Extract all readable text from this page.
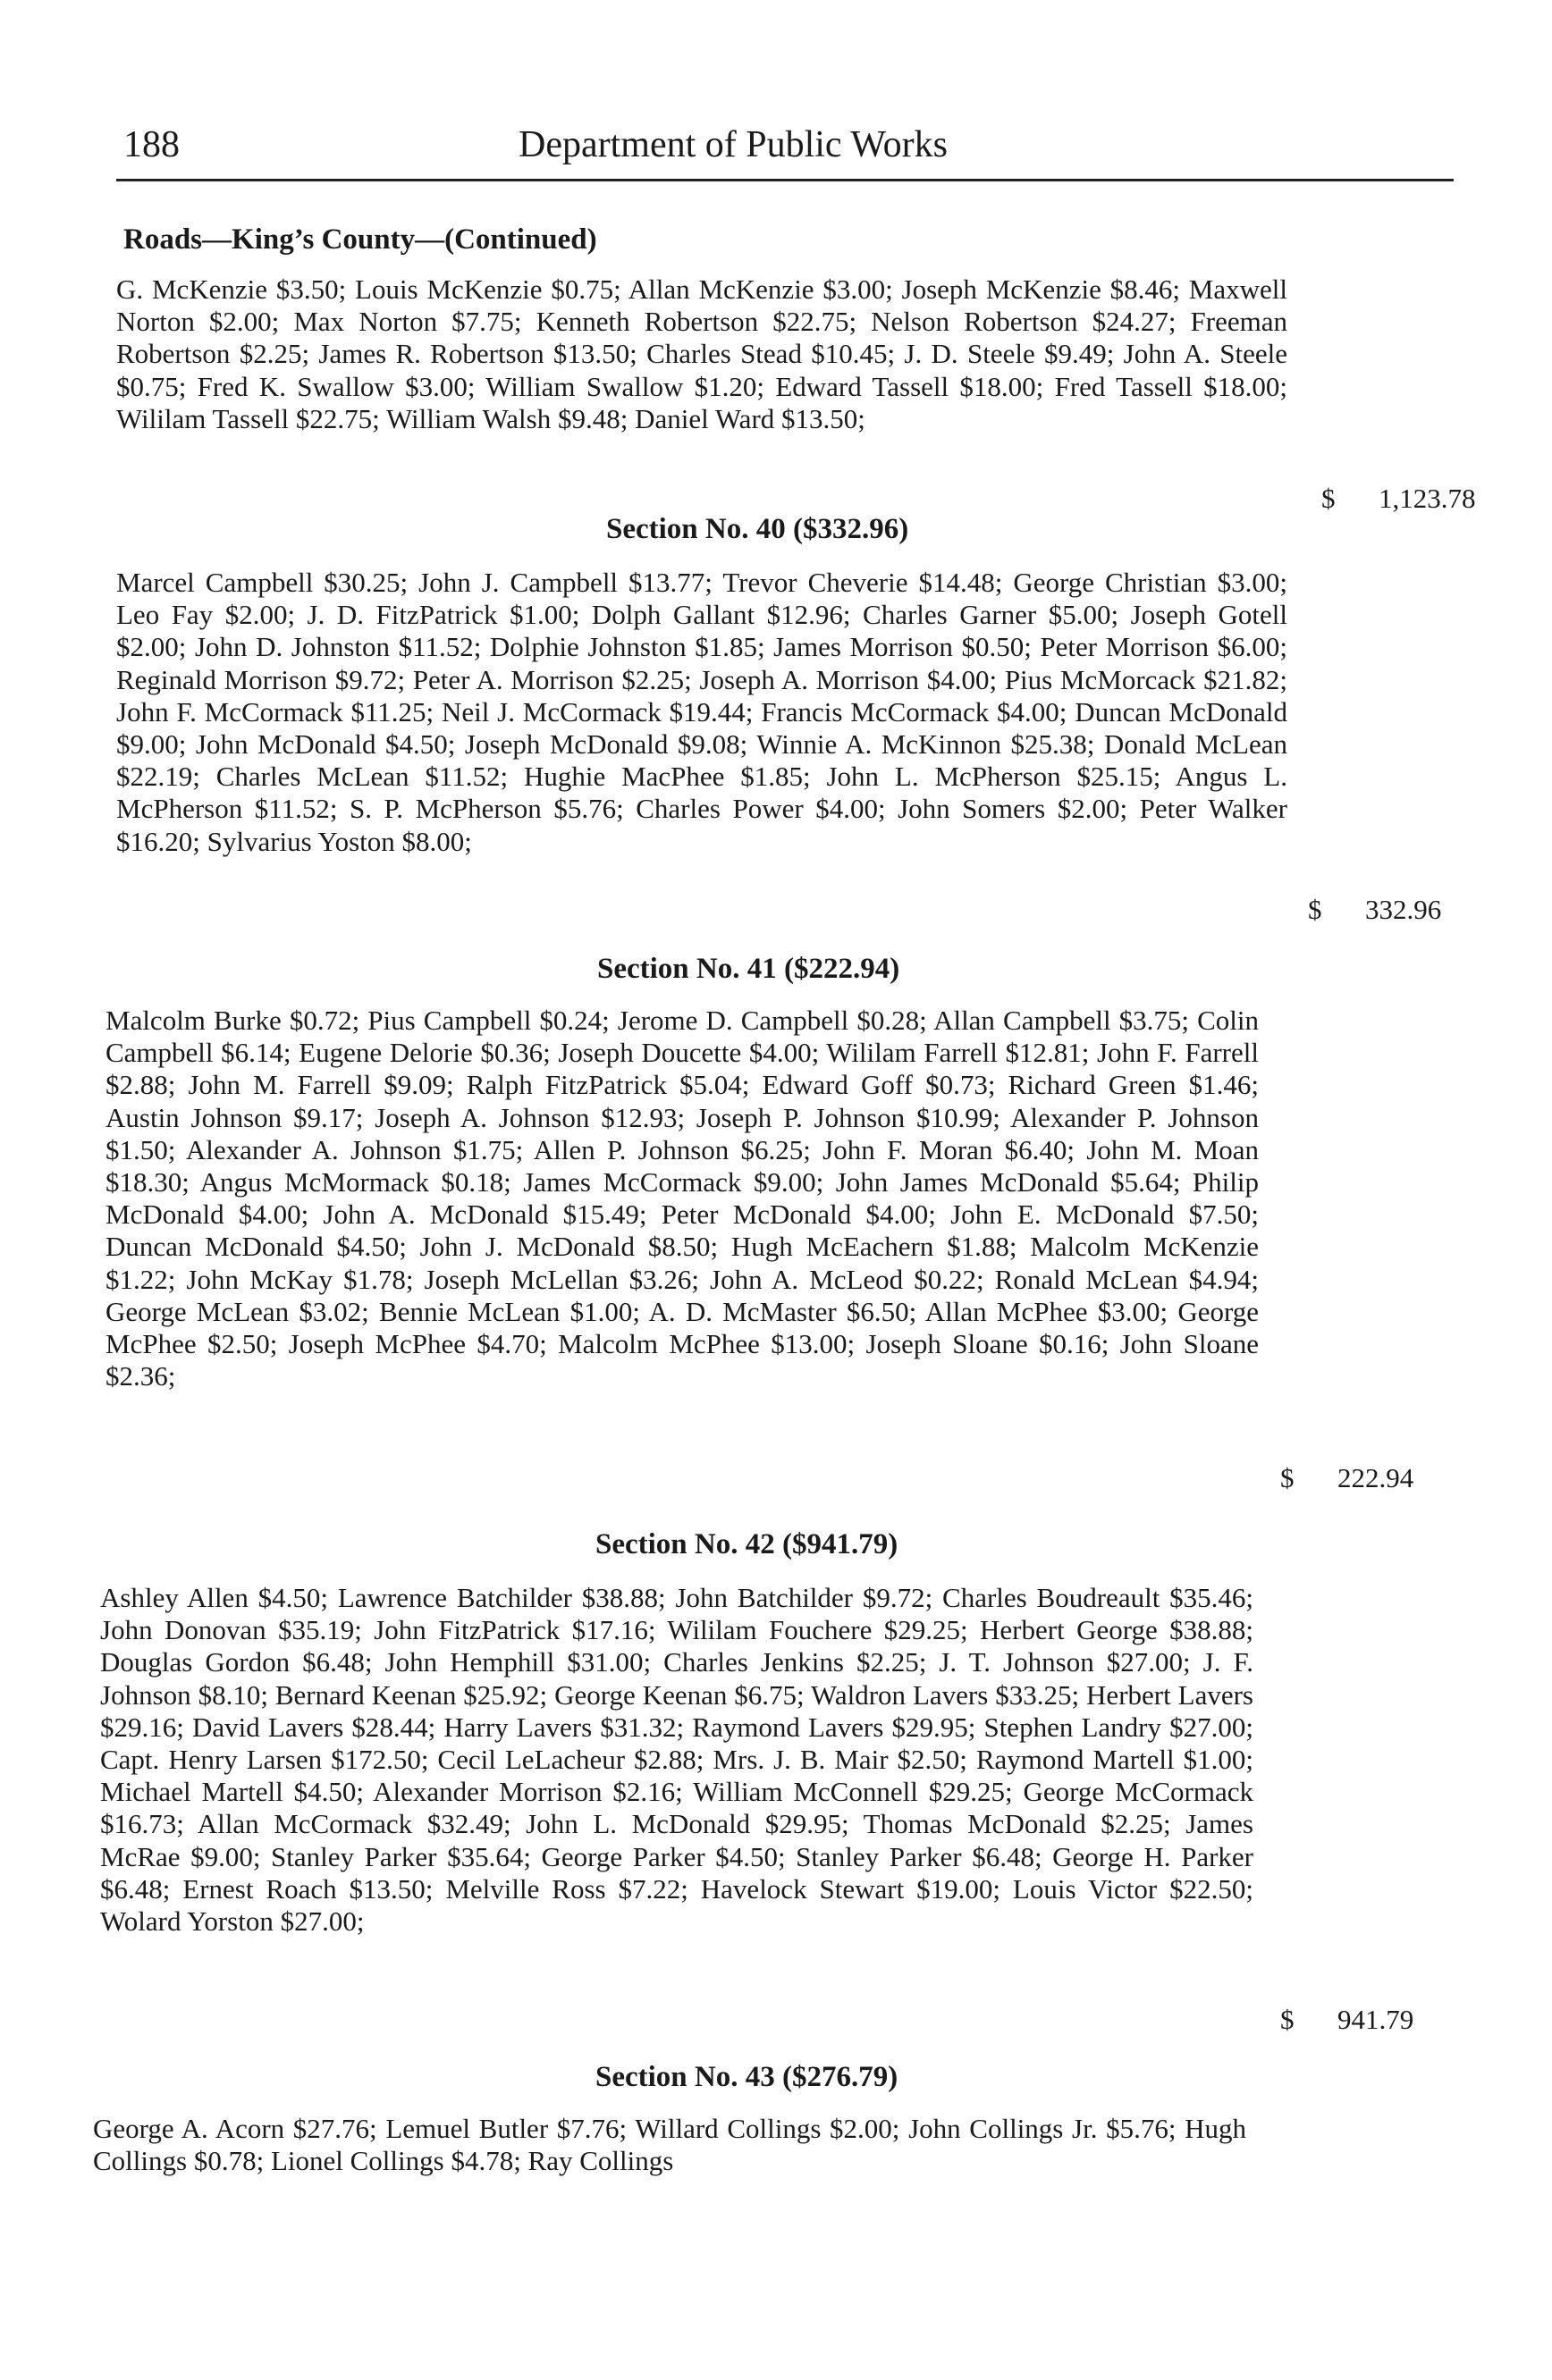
188	Department of Public Works
Roads—King’s County—(Continued)
G. McKenzie $3.50; Louis McKenzie $0.75; Allan McKenzie $3.00; Joseph McKenzie $8.46; Maxwell Norton $2.00; Max Norton $7.75; Kenneth Robertson $22.75; Nelson Robertson $24.27; Freeman Robertson $2.25; James R. Robertson $13.50; Charles Stead $10.45; J. D. Steele $9.49; John A. Steele $0.75; Fred K. Swallow $3.00; William Swallow $1.20; Edward Tassell $18.00; Fred Tassell $18.00; Wililam Tassell $22.75; William Walsh $9.48; Daniel Ward $13.50;
$ 1,123.78
Section No. 40 ($332.96)
Marcel Campbell $30.25; John J. Campbell $13.77; Trevor Cheverie $14.48; George Christian $3.00; Leo Fay $2.00; J. D. FitzPatrick $1.00; Dolph Gallant $12.96; Charles Garner $5.00; Joseph Gotell $2.00; John D. Johnston $11.52; Dolphie Johnston $1.85; James Morrison $0.50; Peter Morrison $6.00; Reginald Morrison $9.72; Peter A. Morrison $2.25; Joseph A. Morrison $4.00; Pius McMorcack $21.82; John F. McCormack $11.25; Neil J. McCormack $19.44; Francis McCormack $4.00; Duncan McDonald $9.00; John McDonald $4.50; Joseph McDonald $9.08; Winnie A. McKinnon $25.38; Donald McLean $22.19; Charles McLean $11.52; Hughie MacPhee $1.85; John L. McPherson $25.15; Angus L. McPherson $11.52; S. P. McPherson $5.76; Charles Power $4.00; John Somers $2.00; Peter Walker $16.20; Sylvarius Yoston $8.00;
$ 332.96
Section No. 41 ($222.94)
Malcolm Burke $0.72; Pius Campbell $0.24; Jerome D. Campbell $0.28; Allan Campbell $3.75; Colin Campbell $6.14; Eugene Delorie $0.36; Joseph Doucette $4.00; Wililam Farrell $12.81; John F. Farrell $2.88; John M. Farrell $9.09; Ralph FitzPatrick $5.04; Edward Goff $0.73; Richard Green $1.46; Austin Johnson $9.17; Joseph A. Johnson $12.93; Joseph P. Johnson $10.99; Alexander P. Johnson $1.50; Alexander A. Johnson $1.75; Allen P. Johnson $6.25; John F. Moran $6.40; John M. Moan $18.30; Angus McMormack $0.18; James McCormack $9.00; John James McDonald $5.64; Philip McDonald $4.00; John A. McDonald $15.49; Peter McDonald $4.00; John E. McDonald $7.50; Duncan McDonald $4.50; John J. McDonald $8.50; Hugh McEachern $1.88; Malcolm McKenzie $1.22; John McKay $1.78; Joseph McLellan $3.26; John A. McLeod $0.22; Ronald McLean $4.94; George McLean $3.02; Bennie McLean $1.00; A. D. McMaster $6.50; Allan McPhee $3.00; George McPhee $2.50; Joseph McPhee $4.70; Malcolm McPhee $13.00; Joseph Sloane $0.16; John Sloane $2.36;
$ 222.94
Section No. 42 ($941.79)
Ashley Allen $4.50; Lawrence Batchilder $38.88; John Batchilder $9.72; Charles Boudreault $35.46; John Donovan $35.19; John FitzPatrick $17.16; Wililam Fouchere $29.25; Herbert George $38.88; Douglas Gordon $6.48; John Hemphill $31.00; Charles Jenkins $2.25; J. T. Johnson $27.00; J. F. Johnson $8.10; Bernard Keenan $25.92; George Keenan $6.75; Waldron Lavers $33.25; Herbert Lavers $29.16; David Lavers $28.44; Harry Lavers $31.32; Raymond Lavers $29.95; Stephen Landry $27.00; Capt. Henry Larsen $172.50; Cecil LeLacheur $2.88; Mrs. J. B. Mair $2.50; Raymond Martell $1.00; Michael Martell $4.50; Alexander Morrison $2.16; William McConnell $29.25; George McCormack $16.73; Allan McCormack $32.49; John L. McDonald $29.95; Thomas McDonald $2.25; James McRae $9.00; Stanley Parker $35.64; George Parker $4.50; Stanley Parker $6.48; George H. Parker $6.48; Ernest Roach $13.50; Melville Ross $7.22; Havelock Stewart $19.00; Louis Victor $22.50; Wolard Yorston $27.00;
$ 941.79
Section No. 43 ($276.79)
George A. Acorn $27.76; Lemuel Butler $7.76; Willard Collings $2.00; John Collings Jr. $5.76; Hugh Collings $0.78; Lionel Collings $4.78; Ray Collings
